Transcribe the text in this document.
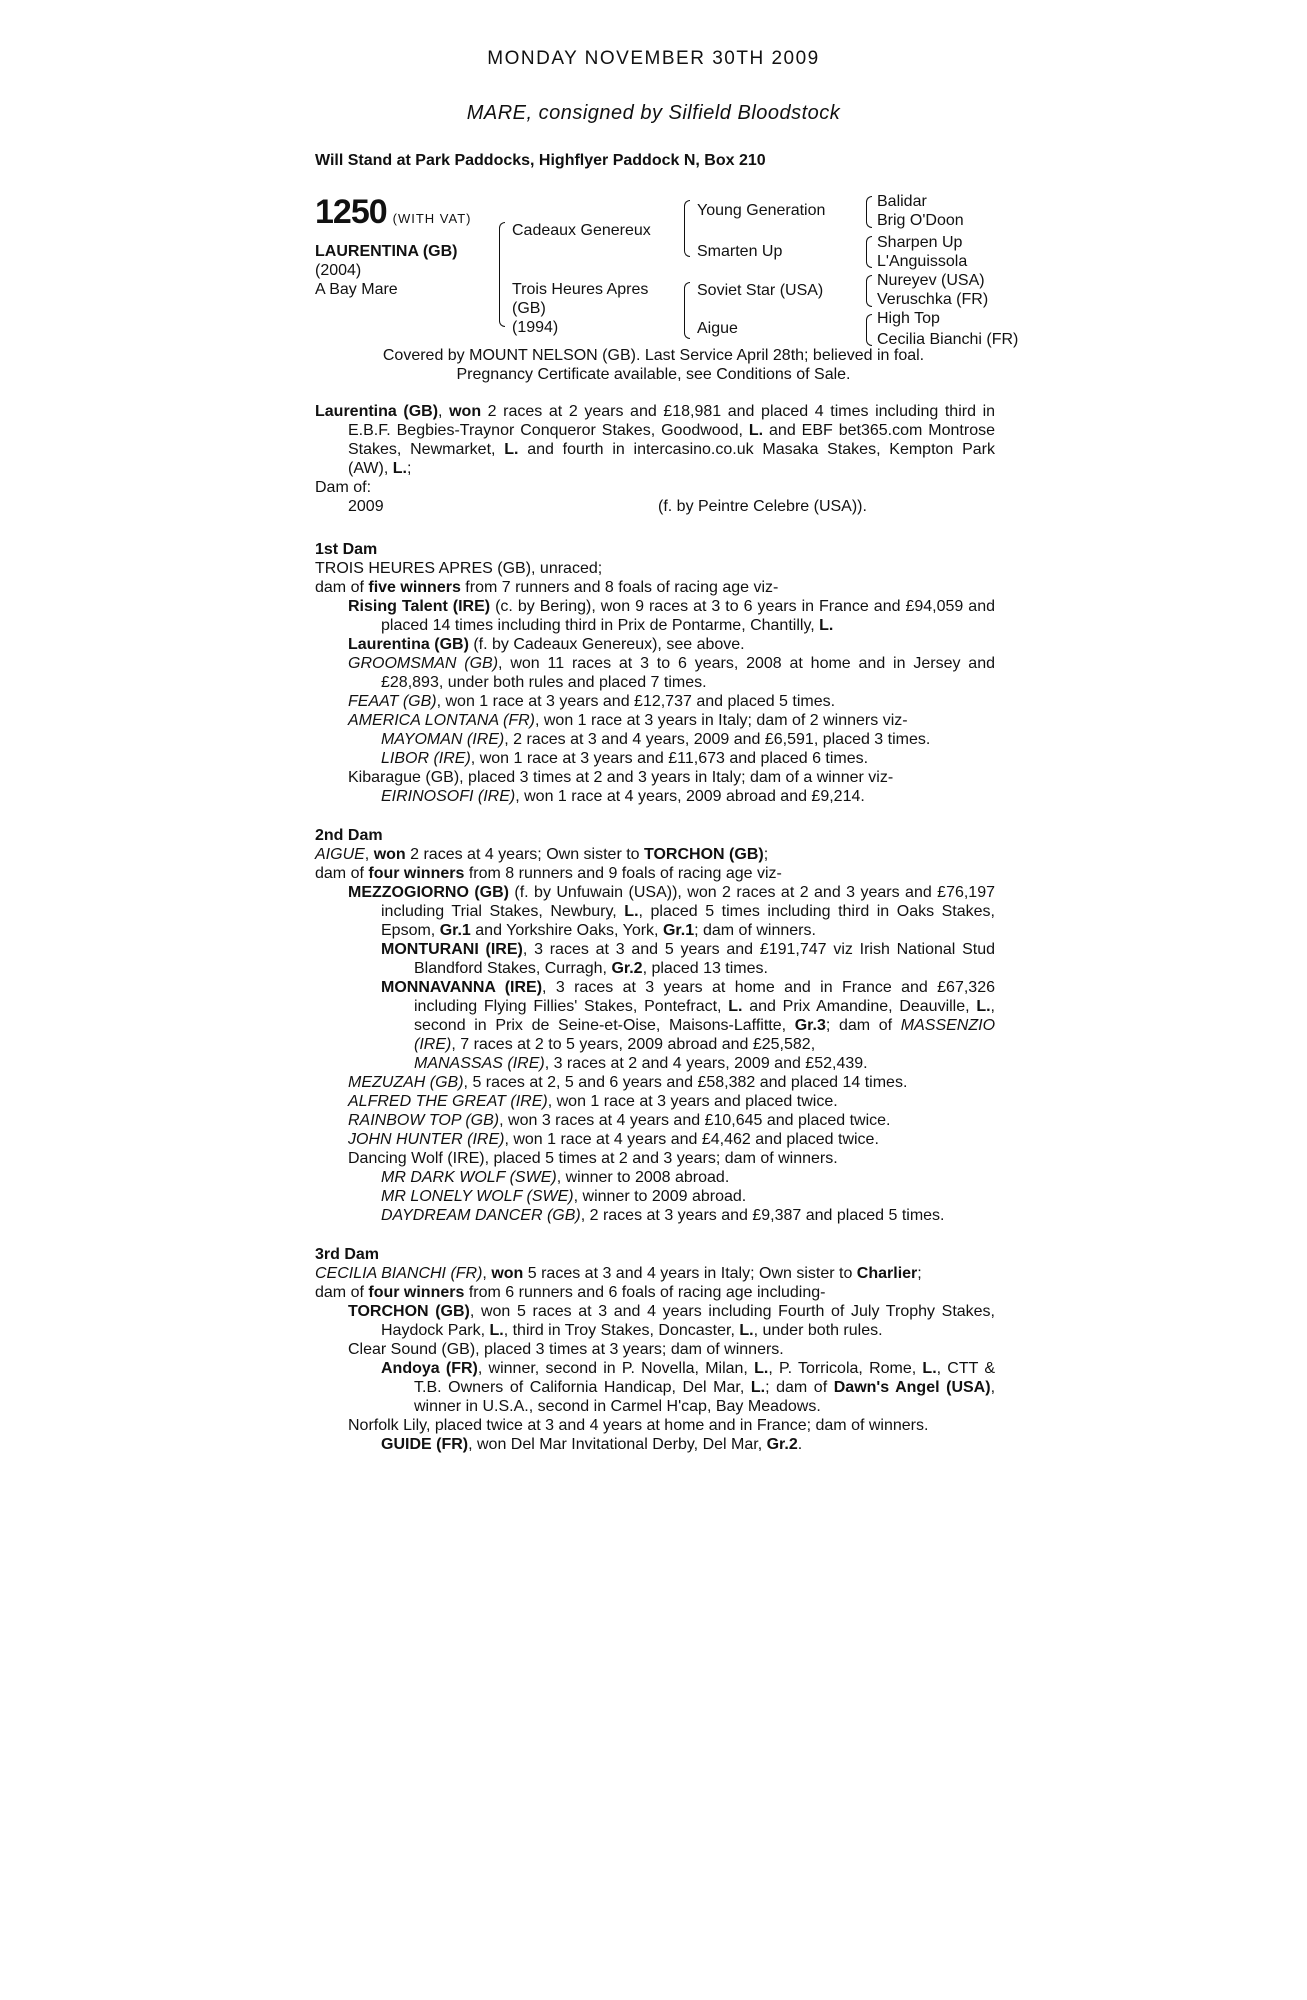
MONDAY NOVEMBER 30TH 2009
MARE, consigned by Silfield Bloodstock
Will Stand at Park Paddocks, Highflyer Paddock N, Box 210
1250 (WITH VAT)
LAURENTINA (GB)
(2004)
A Bay Mare
Cadeaux Genereux
Trois Heures Apres
(GB)
(1994)
Young Generation
Smarten Up
Soviet Star (USA)
Aigue
Balidar
Brig O'Doon
Sharpen Up
L'Anguissola
Nureyev (USA)
Veruschka (FR)
High Top
Cecilia Bianchi (FR)
Covered by MOUNT NELSON (GB). Last Service April 28th; believed in foal.
Pregnancy Certificate available, see Conditions of Sale.

Laurentina (GB), won 2 races at 2 years and £18,981 and placed 4 times including third in E.B.F. Begbies-Traynor Conqueror Stakes, Goodwood, L. and EBF bet365.com Montrose Stakes, Newmarket, L. and fourth in intercasino.co.uk Masaka Stakes, Kempton Park (AW), L.;

Dam of:

2009	(f. by Peintre Celebre (USA)).

1st Dam

TROIS HEURES APRES (GB), unraced;

dam of five winners from 7 runners and 8 foals of racing age viz-

Rising Talent (IRE) (c. by Bering), won 9 races at 3 to 6 years in France and £94,059 and placed 14 times including third in Prix de Pontarme, Chantilly, L.

Laurentina (GB) (f. by Cadeaux Genereux), see above.

GROOMSMAN (GB), won 11 races at 3 to 6 years, 2008 at home and in Jersey and £28,893, under both rules and placed 7 times.

FEAAT (GB), won 1 race at 3 years and £12,737 and placed 5 times.

AMERICA LONTANA (FR), won 1 race at 3 years in Italy; dam of 2 winners viz-

MAYOMAN (IRE), 2 races at 3 and 4 years, 2009 and £6,591, placed 3 times.

LIBOR (IRE), won 1 race at 3 years and £11,673 and placed 6 times.

Kibarague (GB), placed 3 times at 2 and 3 years in Italy; dam of a winner viz-

EIRINOSOFI (IRE), won 1 race at 4 years, 2009 abroad and £9,214.

2nd Dam

AIGUE, won 2 races at 4 years; Own sister to TORCHON (GB);

dam of four winners from 8 runners and 9 foals of racing age viz-

MEZZOGIORNO (GB) (f. by Unfuwain (USA)), won 2 races at 2 and 3 years and £76,197 including Trial Stakes, Newbury, L., placed 5 times including third in Oaks Stakes, Epsom, Gr.1 and Yorkshire Oaks, York, Gr.1; dam of winners.

MONTURANI (IRE), 3 races at 3 and 5 years and £191,747 viz Irish National Stud Blandford Stakes, Curragh, Gr.2, placed 13 times.

MONNAVANNA (IRE), 3 races at 3 years at home and in France and £67,326 including Flying Fillies' Stakes, Pontefract, L. and Prix Amandine, Deauville, L., second in Prix de Seine-et-Oise, Maisons-Laffitte, Gr.3; dam of MASSENZIO (IRE), 7 races at 2 to 5 years, 2009 abroad and £25,582,

MANASSAS (IRE), 3 races at 2 and 4 years, 2009 and £52,439.

MEZUZAH (GB), 5 races at 2, 5 and 6 years and £58,382 and placed 14 times.

ALFRED THE GREAT (IRE), won 1 race at 3 years and placed twice.

RAINBOW TOP (GB), won 3 races at 4 years and £10,645 and placed twice.

JOHN HUNTER (IRE), won 1 race at 4 years and £4,462 and placed twice.

Dancing Wolf (IRE), placed 5 times at 2 and 3 years; dam of winners.

MR DARK WOLF (SWE), winner to 2008 abroad.

MR LONELY WOLF (SWE), winner to 2009 abroad.

DAYDREAM DANCER (GB), 2 races at 3 years and £9,387 and placed 5 times.

3rd Dam

CECILIA BIANCHI (FR), won 5 races at 3 and 4 years in Italy; Own sister to Charlier;

dam of four winners from 6 runners and 6 foals of racing age including-

TORCHON (GB), won 5 races at 3 and 4 years including Fourth of July Trophy Stakes, Haydock Park, L., third in Troy Stakes, Doncaster, L., under both rules.

Clear Sound (GB), placed 3 times at 3 years; dam of winners.

Andoya (FR), winner, second in P. Novella, Milan, L., P. Torricola, Rome, L., CTT & T.B. Owners of California Handicap, Del Mar, L.; dam of Dawn's Angel (USA), winner in U.S.A., second in Carmel H'cap, Bay Meadows.

Norfolk Lily, placed twice at 3 and 4 years at home and in France; dam of winners.

GUIDE (FR), won Del Mar Invitational Derby, Del Mar, Gr.2.
